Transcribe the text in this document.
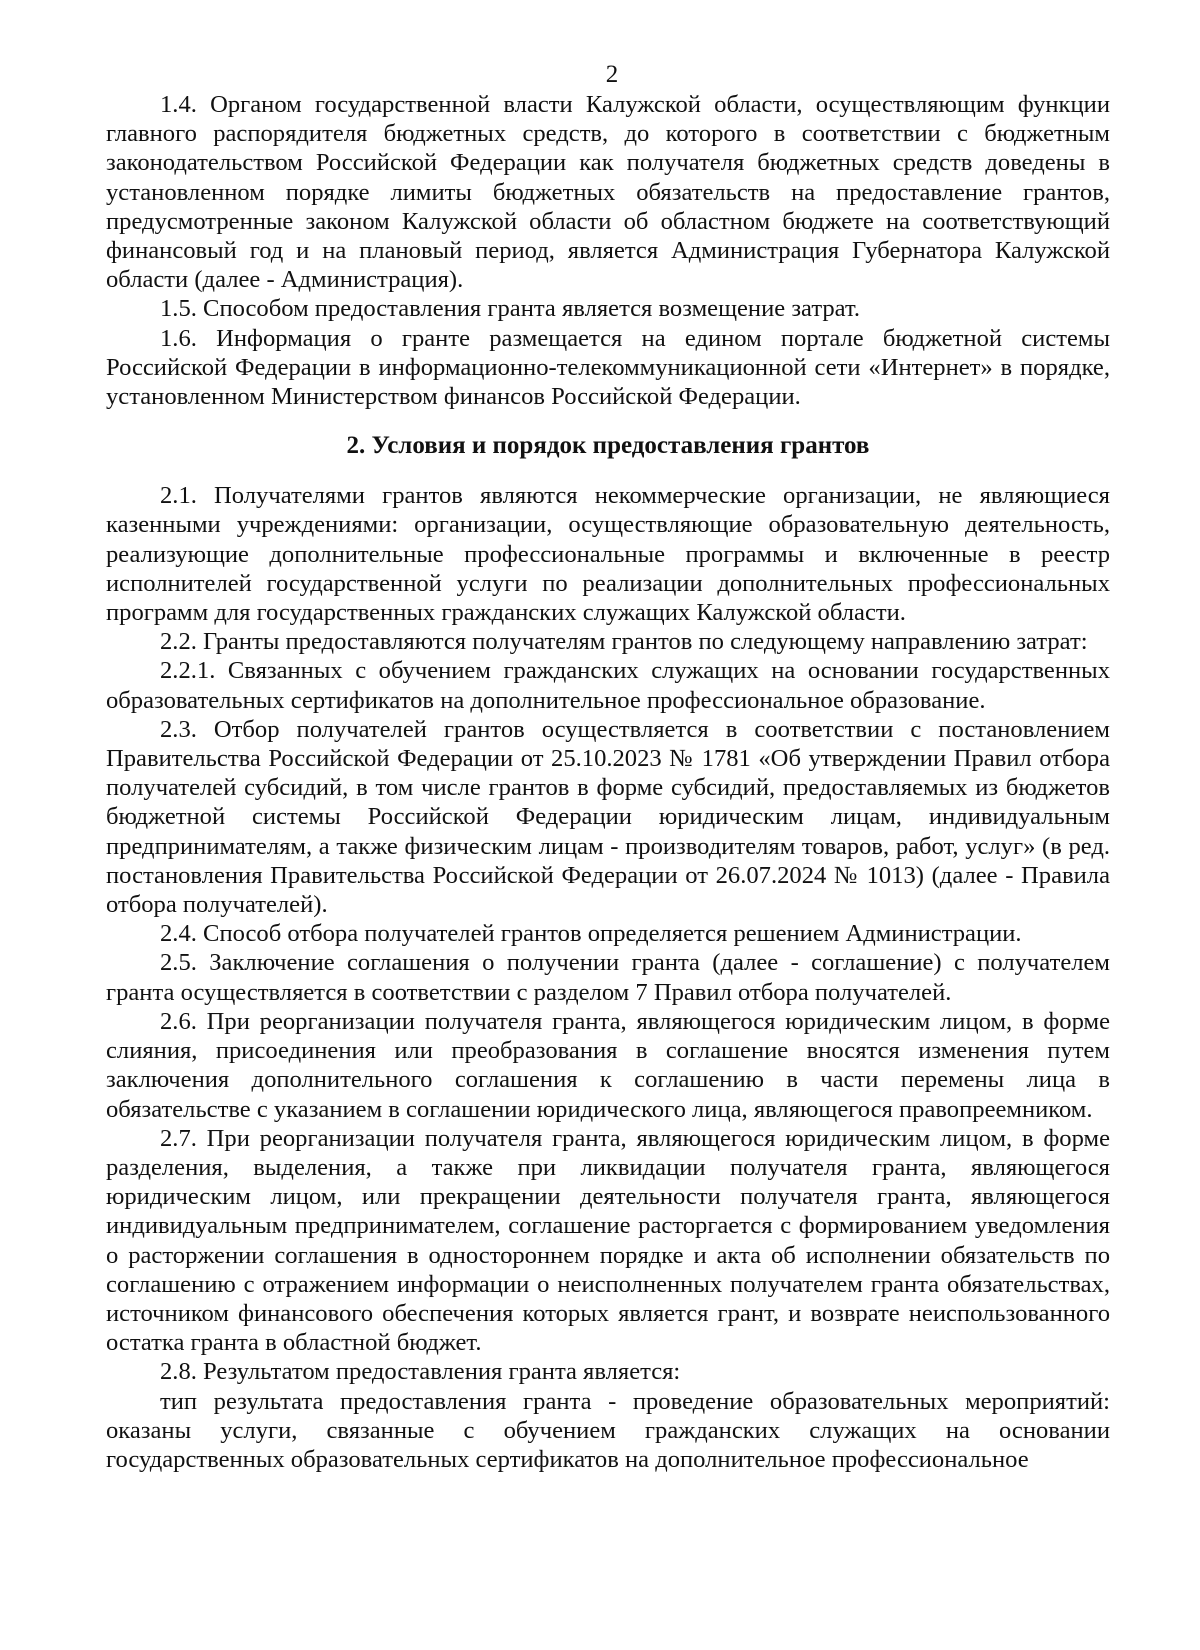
2

1.4. Органом государственной власти Калужской области, осуществляющим функции главного распорядителя бюджетных средств, до которого в соответствии с бюджетным законодательством Российской Федерации как получателя бюджетных средств доведены в установленном порядке лимиты бюджетных обязательств на предоставление грантов, предусмотренные законом Калужской области об областном бюджете на соответствующий финансовый год и на плановый период, является Администрация Губернатора Калужской области (далее - Администрация).

1.5. Способом предоставления гранта является возмещение затрат.

1.6. Информация о гранте размещается на едином портале бюджетной системы Российской Федерации в информационно-телекоммуникационной сети «Интернет» в порядке, установленном Министерством финансов Российской Федерации.

2. Условия и порядок предоставления грантов

2.1. Получателями грантов являются некоммерческие организации, не являющиеся казенными учреждениями: организации, осуществляющие образовательную деятельность, реализующие дополнительные профессиональные программы и включенные в реестр исполнителей государственной услуги по реализации дополнительных профессиональных программ для государственных гражданских служащих Калужской области.

2.2. Гранты предоставляются получателям грантов по следующему направлению затрат:

2.2.1. Связанных с обучением гражданских служащих на основании государственных образовательных сертификатов на дополнительное профессиональное образование.

2.3. Отбор получателей грантов осуществляется в соответствии с постановлением Правительства Российской Федерации от 25.10.2023 № 1781 «Об утверждении Правил отбора получателей субсидий, в том числе грантов в форме субсидий, предоставляемых из бюджетов бюджетной системы Российской Федерации юридическим лицам, индивидуальным предпринимателям, а также физическим лицам - производителям товаров, работ, услуг» (в ред. постановления Правительства Российской Федерации от 26.07.2024 № 1013) (далее - Правила отбора получателей).

2.4. Способ отбора получателей грантов определяется решением Администрации.

2.5. Заключение соглашения о получении гранта (далее - соглашение) с получателем гранта осуществляется в соответствии с разделом 7 Правил отбора получателей.

2.6. При реорганизации получателя гранта, являющегося юридическим лицом, в форме слияния, присоединения или преобразования в соглашение вносятся изменения путем заключения дополнительного соглашения к соглашению в части перемены лица в обязательстве с указанием в соглашении юридического лица, являющегося правопреемником.

2.7. При реорганизации получателя гранта, являющегося юридическим лицом, в форме разделения, выделения, а также при ликвидации получателя гранта, являющегося юридическим лицом, или прекращении деятельности получателя гранта, являющегося индивидуальным предпринимателем, соглашение расторгается с формированием уведомления о расторжении соглашения в одностороннем порядке и акта об исполнении обязательств по соглашению с отражением информации о неисполненных получателем гранта обязательствах, источником финансового обеспечения которых является грант, и возврате неиспользованного остатка гранта в областной бюджет.

2.8. Результатом предоставления гранта является:

тип результата предоставления гранта - проведение образовательных мероприятий: оказаны услуги, связанные с обучением гражданских служащих на основании государственных образовательных сертификатов на дополнительное профессиональное
